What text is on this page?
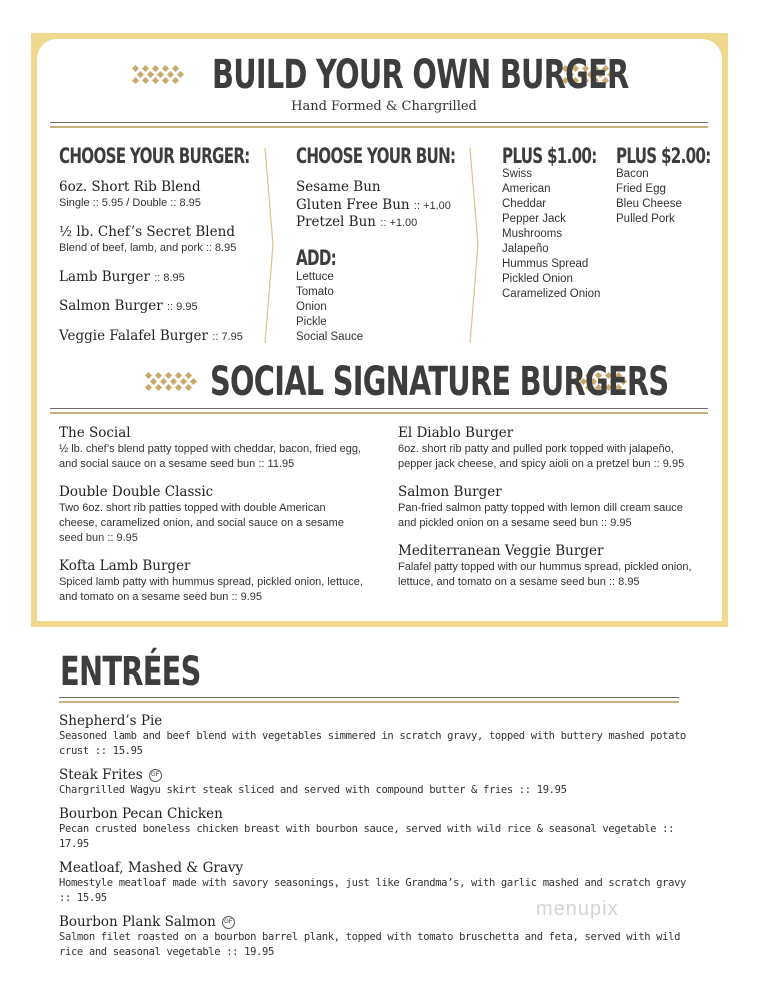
BUILD YOUR OWN BURGER
Hand Formed & Chargrilled
CHOOSE YOUR BURGER:
6oz. Short Rib Blend
Single :: 5.95 / Double :: 8.95
½ lb. Chef’s Secret Blend
Blend of beef, lamb, and pork :: 8.95
Lamb Burger :: 8.95
Salmon Burger :: 9.95
Veggie Falafel Burger :: 7.95
CHOOSE YOUR BUN:
Sesame Bun
Gluten Free Bun :: +1.00
Pretzel Bun :: +1.00
ADD:
Lettuce
Tomato
Onion
Pickle
Social Sauce
PLUS $1.00:
Swiss
American
Cheddar
Pepper Jack
Mushrooms
Jalapeño
Hummus Spread
Pickled Onion
Caramelized Onion
PLUS $2.00:
Bacon
Fried Egg
Bleu Cheese
Pulled Pork
SOCIAL SIGNATURE BURGERS
The Social
½ lb. chef’s blend patty topped with cheddar, bacon, fried egg, and social sauce on a sesame seed bun :: 11.95
Double Double Classic
Two 6oz. short rib patties topped with double American cheese, caramelized onion, and social sauce on a sesame seed bun :: 9.95
Kofta Lamb Burger
Spiced lamb patty with hummus spread, pickled onion, lettuce, and tomato on a sesame seed bun :: 9.95
El Diablo Burger
6oz. short rib patty and pulled pork topped with jalapeño, pepper jack cheese, and spicy aioli on a pretzel bun :: 9.95
Salmon Burger
Pan-fried salmon patty topped with lemon dill cream sauce and pickled onion on a sesame seed bun :: 9.95
Mediterranean Veggie Burger
Falafel patty topped with our hummus spread, pickled onion, lettuce, and tomato on a sesame seed bun :: 8.95
ENTRÉES
Shepherd’s Pie
Seasoned lamb and beef blend with vegetables simmered in scratch gravy, topped with buttery mashed potato crust :: 15.95
Steak Frites	GF
Chargrilled Wagyu skirt steak sliced and served with compound butter & fries :: 19.95
Bourbon Pecan Chicken
Pecan crusted boneless chicken breast with bourbon sauce, served with wild rice & seasonal vegetable :: 17.95
Meatloaf, Mashed & Gravy
Homestyle meatloaf made with savory seasonings, just like Grandma’s, with garlic mashed and scratch gravy :: 15.95
Bourbon Plank Salmon	GF
Salmon filet roasted on a bourbon barrel plank, topped with tomato bruschetta and feta, served with wild rice and seasonal vegetable :: 19.95
menupix
